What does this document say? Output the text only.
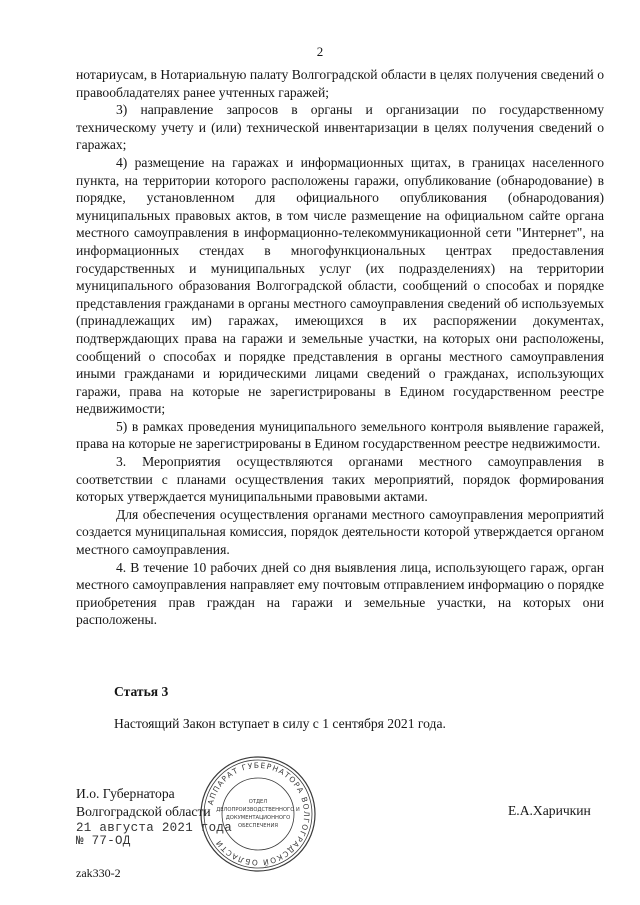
2

нотариусам, в Нотариальную палату Волгоградской области в целях получения сведений о правообладателях ранее учтенных гаражей;

3) направление запросов в органы и организации по государственному техническому учету и (или) технической инвентаризации в целях получения сведений о гаражах;

4) размещение на гаражах и информационных щитах, в границах населенного пункта, на территории которого расположены гаражи, опубликование (обнародование) в порядке, установленном для официального опубликования (обнародования) муниципальных правовых актов, в том числе размещение на официальном сайте органа местного самоуправления в информационно-телекоммуникационной сети "Интернет", на информационных стендах в многофункциональных центрах предоставления государственных и муниципальных услуг (их подразделениях) на территории муниципального образования Волгоградской области, сообщений о способах и порядке представления гражданами в органы местного самоуправления сведений об используемых (принадлежащих им) гаражах, имеющихся в их распоряжении документах, подтверждающих права на гаражи и земельные участки, на которых они расположены, сообщений о способах и порядке представления в органы местного самоуправления иными гражданами и юридическими лицами сведений о гражданах, использующих гаражи, права на которые не зарегистрированы в Едином государственном реестре недвижимости;

5) в рамках проведения муниципального земельного контроля выявление гаражей, права на которые не зарегистрированы в Едином государственном реестре недвижимости.

3. Мероприятия осуществляются органами местного самоуправления в соответствии с планами осуществления таких мероприятий, порядок формирования которых утверждается муниципальными правовыми актами.

Для обеспечения осуществления органами местного самоуправления мероприятий создается муниципальная комиссия, порядок деятельности которой утверждается органом местного самоуправления.

4. В течение 10 рабочих дней со дня выявления лица, использующего гараж, орган местного самоуправления направляет ему почтовым отправлением информацию о порядке приобретения прав граждан на гаражи и земельные участки, на которых они расположены.

Статья 3
Настоящий Закон вступает в силу с 1 сентября 2021 года.
И.о. Губернатора
Волгоградской области
21 августа 2021 года
№ 77-ОД
Е.А.Харичкин
АППАРАТ ГУБЕРНАТОРА ВОЛГОГРАДСКОЙ ОБЛАСТИ
ОТДЕЛ
ДЕЛОПРОИЗВОДСТВЕННОГО И
ДОКУМЕНТАЦИОННОГО
ОБЕСПЕЧЕНИЯ
zak330-2
